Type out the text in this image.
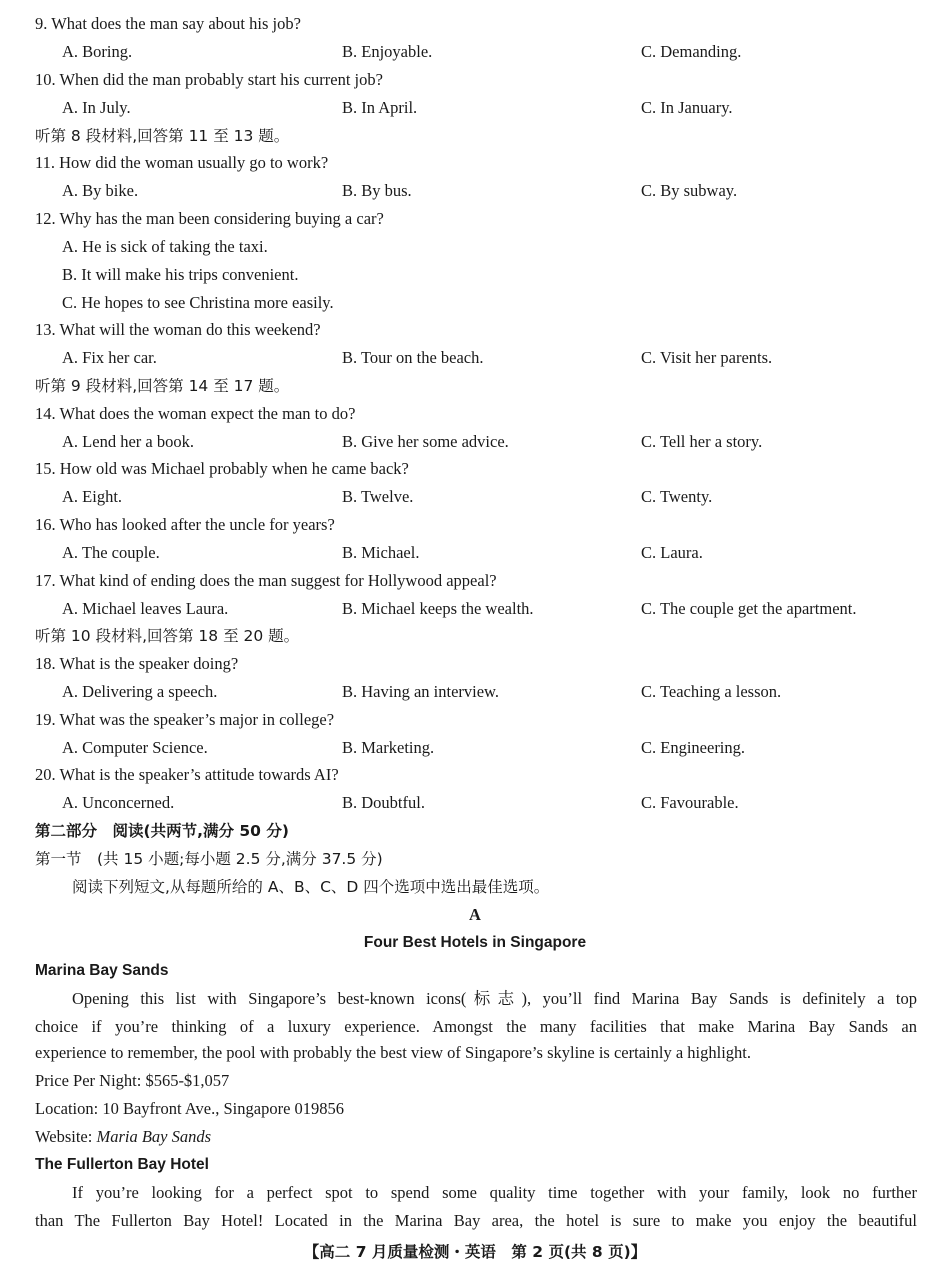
9. What does the man say about his job?
A. Boring.	B. Enjoyable.	C. Demanding.
10. When did the man probably start his current job?
A. In July.	B. In April.	C. In January.
听第 8 段材料,回答第 11 至 13 题。
11. How did the woman usually go to work?
A. By bike.	B. By bus.	C. By subway.
12. Why has the man been considering buying a car?
A. He is sick of taking the taxi.
B. It will make his trips convenient.
C. He hopes to see Christina more easily.
13. What will the woman do this weekend?
A. Fix her car.	B. Tour on the beach.	C. Visit her parents.
听第 9 段材料,回答第 14 至 17 题。
14. What does the woman expect the man to do?
A. Lend her a book.	B. Give her some advice.	C. Tell her a story.
15. How old was Michael probably when he came back?
A. Eight.	B. Twelve.	C. Twenty.
16. Who has looked after the uncle for years?
A. The couple.	B. Michael.	C. Laura.
17. What kind of ending does the man suggest for Hollywood appeal?
A. Michael leaves Laura.	B. Michael keeps the wealth.	C. The couple get the apartment.
听第 10 段材料,回答第 18 至 20 题。
18. What is the speaker doing?
A. Delivering a speech.	B. Having an interview.	C. Teaching a lesson.
19. What was the speaker’s major in college?
A. Computer Science.	B. Marketing.	C. Engineering.
20. What is the speaker’s attitude towards AI?
A. Unconcerned.	B. Doubtful.	C. Favourable.
第二部分　阅读(共两节,满分 50 分)
第一节　(共 15 小题;每小题 2.5 分,满分 37.5 分)
阅读下列短文,从每题所给的 A、B、C、D 四个选项中选出最佳选项。
A
Four Best Hotels in Singapore
Marina Bay Sands
Opening this list with Singapore’s best-known icons(标志), you’ll find Marina Bay Sands is definitely a top
choice if you’re thinking of a luxury experience. Amongst the many facilities that make Marina Bay Sands an
experience to remember, the pool with probably the best view of Singapore’s skyline is certainly a highlight.
Price Per Night: $565-$1,057
Location: 10 Bayfront Ave., Singapore 019856
Website: Maria Bay Sands
The Fullerton Bay Hotel
If you’re looking for a perfect spot to spend some quality time together with your family, look no further
than The Fullerton Bay Hotel! Located in the Marina Bay area, the hotel is sure to make you enjoy the beautiful
【高二 7 月质量检测・英语　第 2 页(共 8 页)】
